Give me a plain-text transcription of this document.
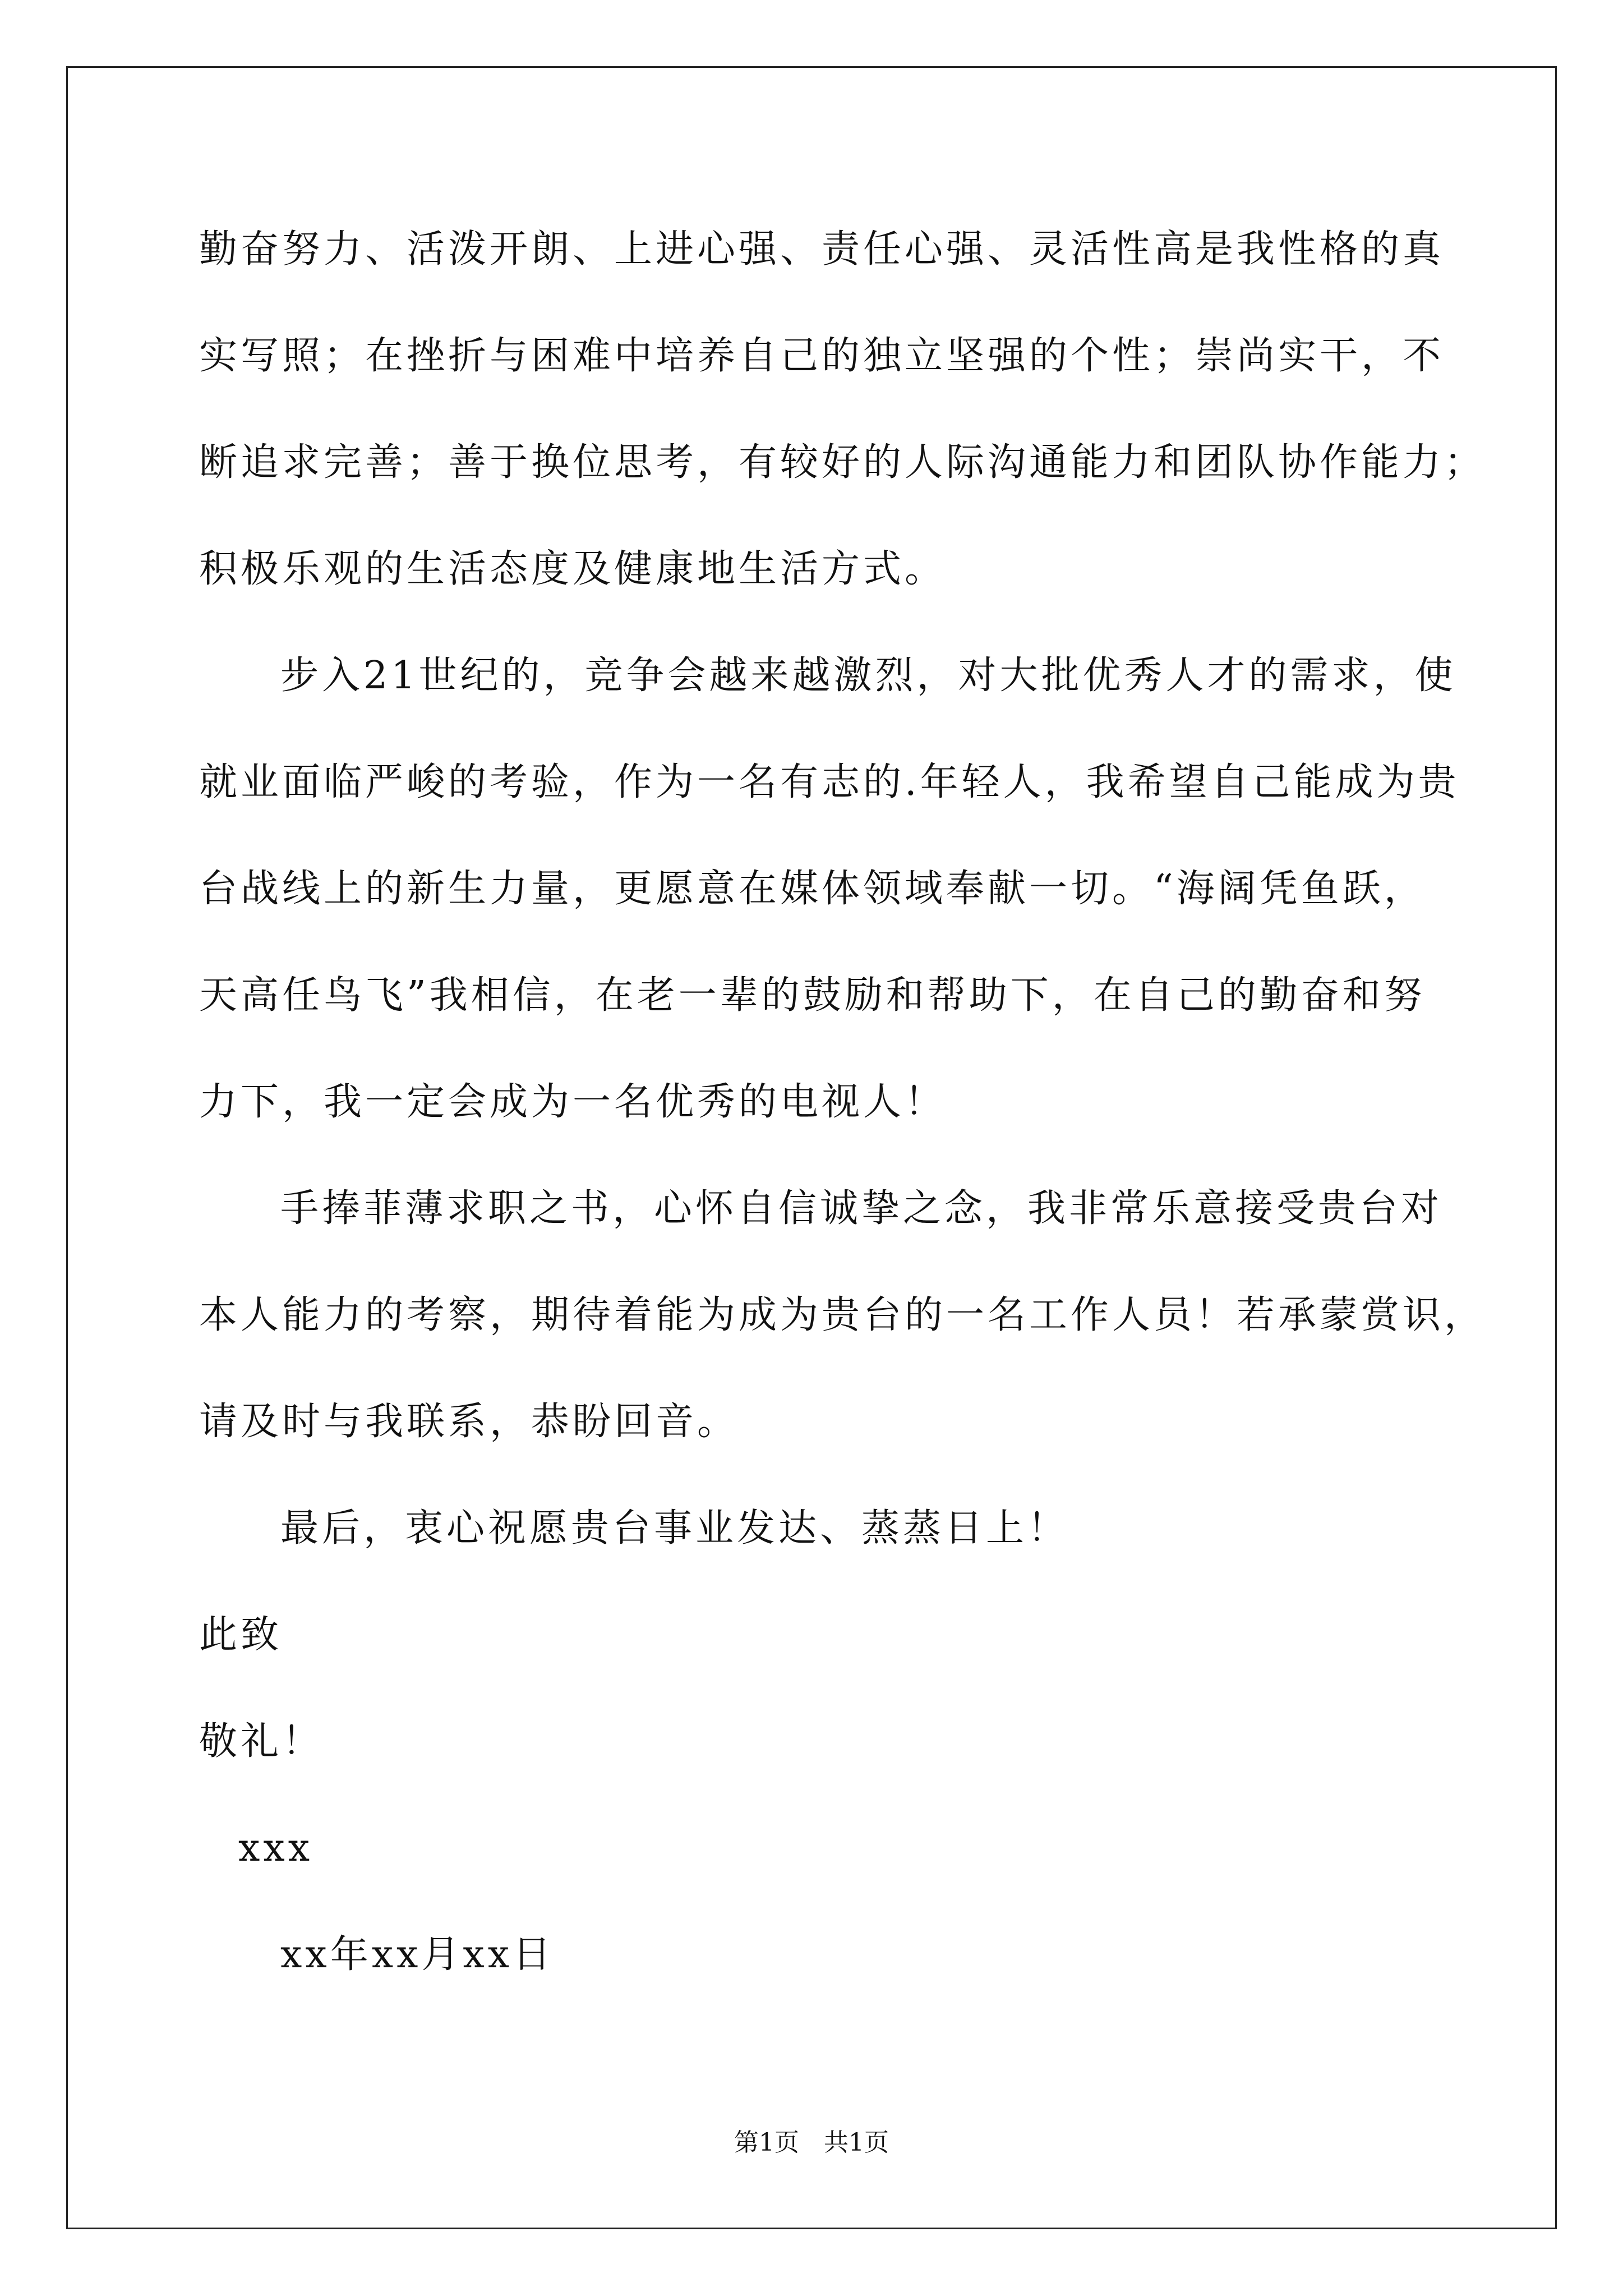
勤奋努力、活泼开朗、上进心强、责任心强、灵活性高是我性格的真
实写照；在挫折与困难中培养自己的独立坚强的个性；崇尚实干，不
断追求完善；善于换位思考，有较好的人际沟通能力和团队协作能力；
积极乐观的生活态度及健康地生活方式。
步入21世纪的，竞争会越来越激烈，对大批优秀人才的需求，使
就业面临严峻的考验，作为一名有志的.年轻人，我希望自己能成为贵
台战线上的新生力量，更愿意在媒体领域奉献一切。“海阔凭鱼跃，
天高任鸟飞”我相信，在老一辈的鼓励和帮助下，在自己的勤奋和努
力下，我一定会成为一名优秀的电视人！
手捧菲薄求职之书，心怀自信诚挚之念，我非常乐意接受贵台对
本人能力的考察，期待着能为成为贵台的一名工作人员！若承蒙赏识，
请及时与我联系，恭盼回音。
最后，衷心祝愿贵台事业发达、蒸蒸日上！
此致
敬礼！
xxx
xx年xx月xx日
第1页　共1页
